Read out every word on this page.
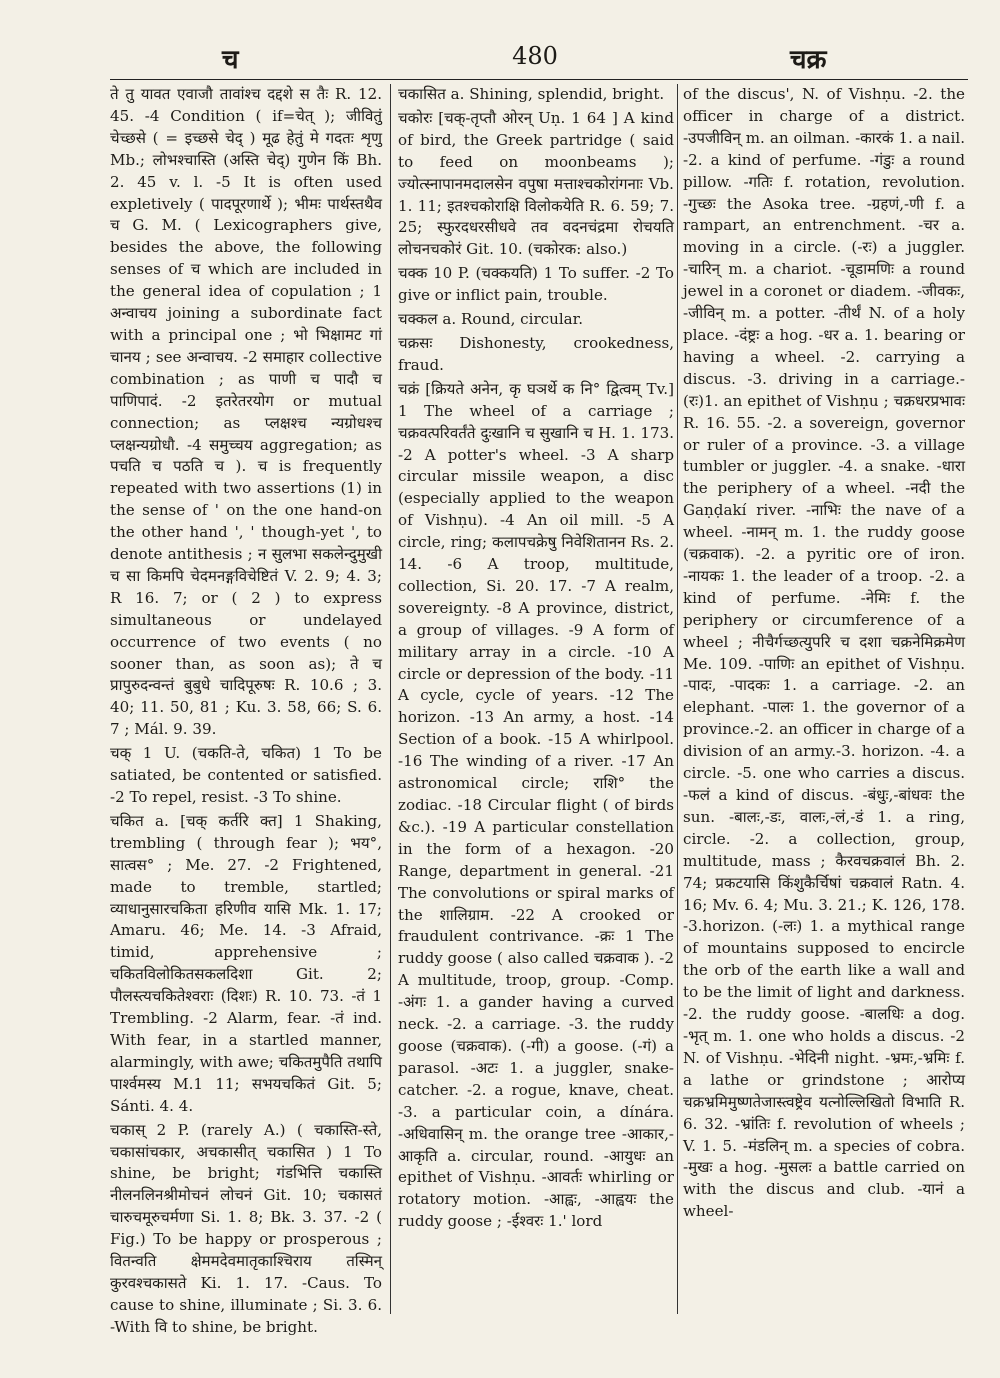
च	480	चक्र

ते तु यावत एवाजौ तावांश्च दद्दशे स तैः R. 12. 45. -4 Condition ( if=चेत् ); जीवितुं चेच्छसे ( = इच्छसे चेद् ) मूढ हेतुं मे गदतः शृणु Mb.; लोभश्चास्ति (अस्ति चेद्) गुणेन किं Bh. 2. 45 v. l. -5 It is often used expletively ( पादपूरणार्थे ); भीमः पार्थस्तथैव च G. M. ( Lexicographers give, besides the above, the following senses of च which are included in the general idea of copulation ; 1 अन्वाचय joining a subordinate fact with a principal one ; भो भिक्षामट गां चानय ; see अन्वाचय. -2 समाहार collective combination ; as पाणी च पादौ च पाणिपादं. -2 इतरेतरयोग or mutual connection; as प्लक्षश्च न्यग्रोधश्च प्लक्षन्यग्रोधौ. -4 समुच्चय aggregation; as पचति च पठति च ). च is frequently repeated with two assertions (1) in the sense of ' on the one hand-on the other hand ', ' though-yet ', to denote antithesis ; न सुलभा सकलेन्दुमुखी च सा किमपि चेदमनङ्गविचेष्टितं V. 2. 9; 4. 3; R 16. 7; or ( 2 ) to express simultaneous or undelayed occurrence of two events ( no sooner than, as soon as); ते च प्रापुरुदन्वन्तं बुबुधे चादिपूरुषः R. 10.6 ; 3. 40; 11. 50, 81 ; Ku. 3. 58, 66; S. 6. 7 ; Mál. 9. 39.

चक् 1 U. (चकति-ते, चकित) 1 To be satiated, be contented or satisfied. -2 To repel, resist. -3 To shine.

चकित a. [चक् कर्तरि क्त] 1 Shaking, trembling ( through fear ); भय°, सात्वस° ; Me. 27. -2 Frightened, made to tremble, startled; व्याधानुसारचकिता हरिणीव यासि Mk. 1. 17; Amaru. 46; Me. 14. -3 Afraid, timid, apprehensive ; चकितविलोकितसकलदिशा Git. 2; पौलस्त्यचकितेश्वराः (दिशः) R. 10. 73. -तं 1 Trembling. -2 Alarm, fear. -तं ind. With fear, in a startled manner, alarmingly, with awe; चकितमुपैति तथापि पार्श्वमस्य M.1 11; सभयचकितं Git. 5; Sánti. 4. 4.

चकास् 2 P. (rarely A.) ( चकास्ति-स्ते, चकासांचकार, अचकासीत् चकासित ) 1 To shine, be bright; गंडभित्ति चकास्ति नीलनलिनश्रीमोचनं लोचनं Git. 10; चकासतं चारुचमूरुचर्मणा Si. 1. 8; Bk. 3. 37. -2 ( Fig.) To be happy or prosperous ; वितन्वति क्षेममदेवमातृकाश्चिराय तस्मिन् कुरवश्चकासते Ki. 1. 17. -Caus. To cause to shine, illuminate ; Si. 3. 6. -With वि to shine, be bright.

चकासित a. Shining, splendid, bright.

चकोरः [चक्-तृप्तौ ओरन् Uṇ. 1 64 ] A kind of bird, the Greek partridge ( said to feed on moonbeams ); ज्योत्स्नापानमदालसेन वपुषा मत्ताश्चकोरांगनाः Vb. 1. 11; इतश्चकोराक्षि विलोकयेति R. 6. 59; 7. 25; स्फुरदधरसीधवे तव वदनचंद्रमा रोचयति लोचनचकोरं Git. 10. (चकोरक: also.)

चक्क 10 P. (चक्कयति) 1 To suffer. -2 To give or inflict pain, trouble.

चक्कल a. Round, circular.

चक्रसः Dishonesty, crookedness, fraud.

चक्रं [क्रियते अनेन, कृ घञर्थे क नि° द्वित्वम् Tv.] 1 The wheel of a carriage ; चक्रवत्परिवर्तंते दुःखानि च सुखानि च H. 1. 173. -2 A potter's wheel. -3 A sharp circular missile weapon, a disc (especially applied to the weapon of Vishṇu). -4 An oil mill. -5 A circle, ring; कलापचक्रेषु निवेशितानन Rs. 2. 14. -6 A troop, multitude, collection, Si. 20. 17. -7 A realm, sovereignty. -8 A province, district, a group of villages. -9 A form of military array in a circle. -10 A circle or depression of the body. -11 A cycle, cycle of years. -12 The horizon. -13 An army, a host. -14 Section of a book. -15 A whirlpool. -16 The winding of a river. -17 An astronomical circle; राशि° the zodiac. -18 Circular flight ( of birds &c.). -19 A particular constellation in the form of a hexagon. -20 Range, department in general. -21 The convolutions or spiral marks of the शालिग्राम. -22 A crooked or fraudulent contrivance. -क्रः 1 The ruddy goose ( also called चक्रवाक ). -2 A multitude, troop, group. -Comp. -अंगः 1. a gander having a curved neck. -2. a carriage. -3. the ruddy goose (चक्रवाक). (-गी) a goose. (-गं) a parasol. -अटः 1. a juggler, snake-catcher. -2. a rogue, knave, cheat. -3. a particular coin, a dínára. -अधिवासिन् m. the orange tree -आकार,-आकृति a. circular, round. -आयुधः an epithet of Vishṇu. -आवर्तः whirling or rotatory motion. -आह्वः, -आह्वयः the ruddy goose ; -ईश्वरः 1.' lord

of the discus', N. of Vishṇu. -2. the officer in charge of a district. -उपजीविन् m. an oilman. -कारकं 1. a nail. -2. a kind of perfume. -गंडुः a round pillow. -गतिः f. rotation, revolution. -गुच्छः the Asoka tree. -ग्रहणं,-णी f. a rampart, an entrenchment. -चर a. moving in a circle. (-रः) a juggler. -चारिन् m. a chariot. -चूडामणिः a round jewel in a coronet or diadem. -जीवकः, -जीविन् m. a potter. -तीर्थं N. of a holy place. -दंष्ट्रः a hog. -धर a. 1. bearing or having a wheel. -2. carrying a discus. -3. driving in a carriage.-(रः)1. an epithet of Vishṇu ; चक्रधरप्रभावः R. 16. 55. -2. a sovereign, governor or ruler of a province. -3. a village tumbler or juggler. -4. a snake. -धारा the periphery of a wheel. -नदी the Gaṇḍakí river. -नाभिः the nave of a wheel. -नामन् m. 1. the ruddy goose (चक्रवाक). -2. a pyritic ore of iron. -नायकः 1. the leader of a troop. -2. a kind of perfume. -नेमिः f. the periphery or circumference of a wheel ; नीचैर्गच्छत्युपरि च दशा चक्रनेमिक्रमेण Me. 109. -पाणिः an epithet of Vishṇu. -पादः, -पादकः 1. a carriage. -2. an elephant. -पालः 1. the governor of a province.-2. an officer in charge of a division of an army.-3. horizon. -4. a circle. -5. one who carries a discus. -फलं a kind of discus. -बंधुः,-बांधवः the sun. -बालः,-डः, वालः,-लं,-डं 1. a ring, circle. -2. a collection, group, multitude, mass ; कैरवचक्रवालं Bh. 2. 74; प्रकटयासि किंशुकैर्चिषां चक्रवालं Ratn. 4. 16; Mv. 6. 4; Mu. 3. 21.; K. 126, 178. -3.horizon. (-लः) 1. a mythical range of mountains supposed to encircle the orb of the earth like a wall and to be the limit of light and darkness. -2. the ruddy goose. -बालधिः a dog. -भृत् m. 1. one who holds a discus. -2 N. of Vishṇu. -भेदिनी night. -भ्रमः,-भ्रमिः f. a lathe or grindstone ; आरोप्य चक्रभ्रमिमुष्णतेजास्त्वष्ट्रेव यत्नोल्लिखितो विभाति R. 6. 32. -भ्रांतिः f. revolution of wheels ; V. 1. 5. -मंडलिन् m. a species of cobra. -मुखः a hog. -मुसलः a battle carried on with the discus and club. -यानं a wheel-
